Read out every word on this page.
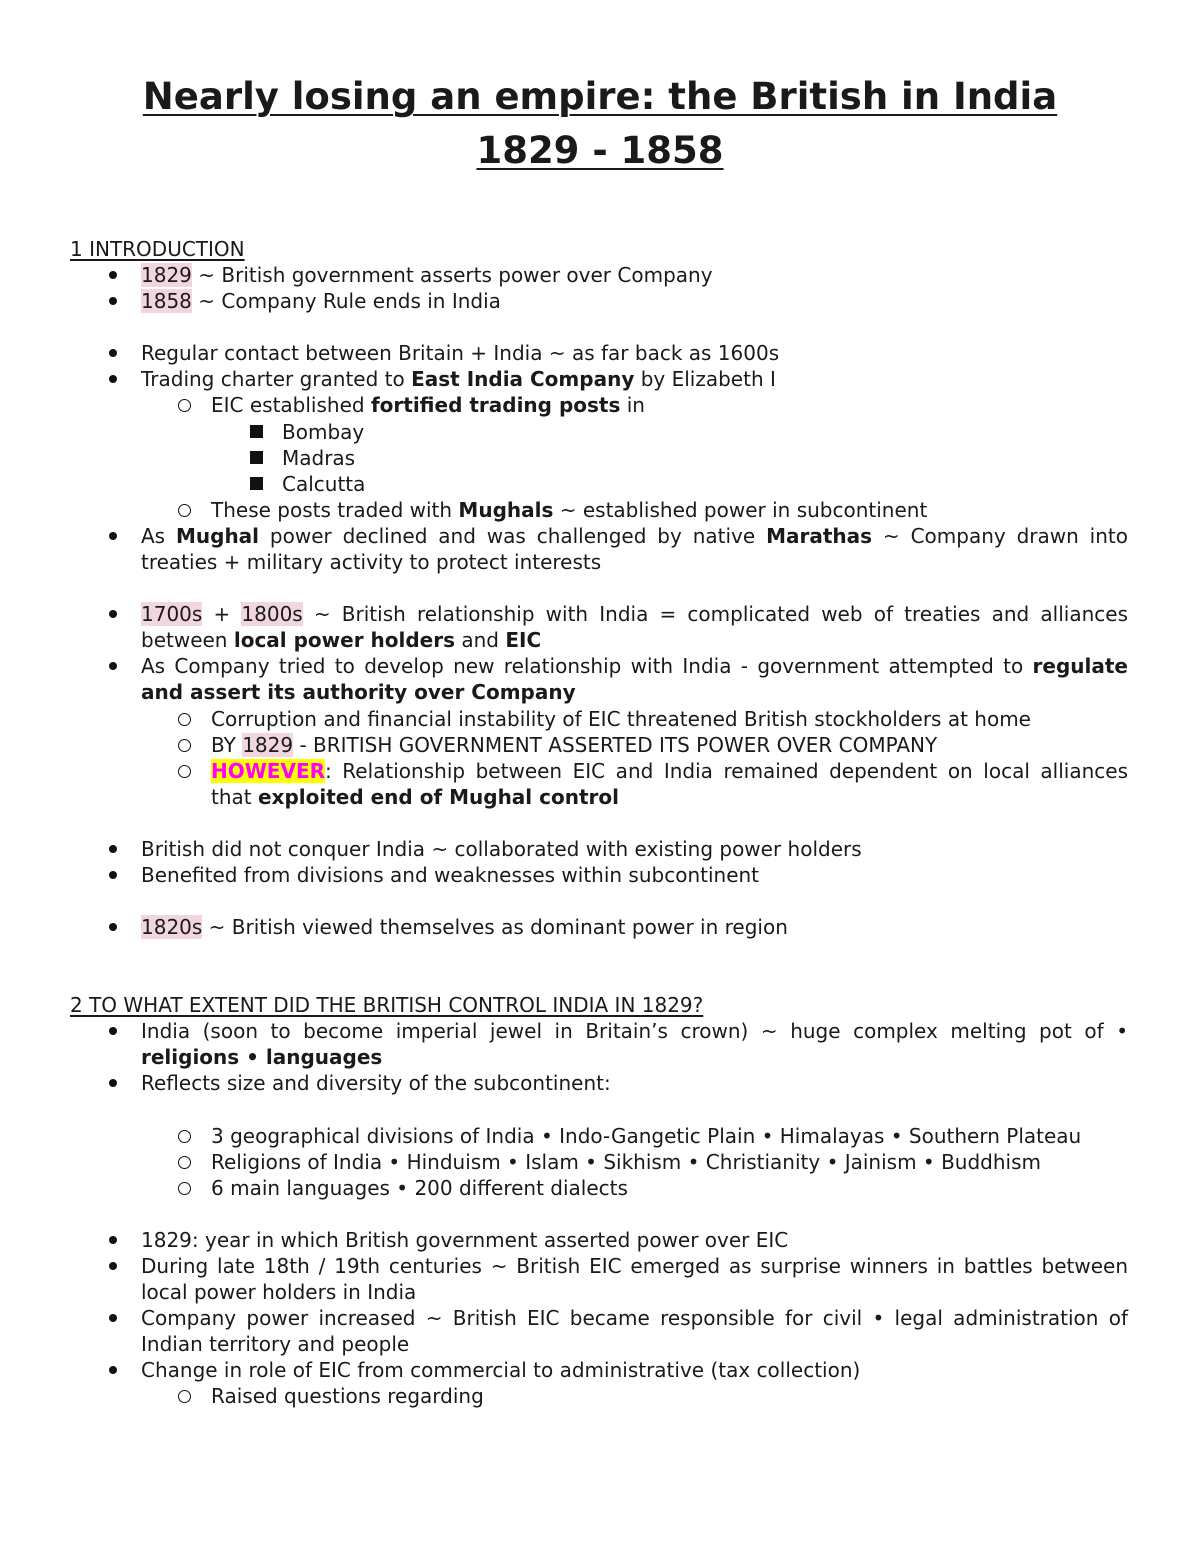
Nearly losing an empire: the British in India
1829 - 1858
1 INTRODUCTION
1829 ~ British government asserts power over Company
1858 ~ Company Rule ends in India
Regular contact between Britain + India ~ as far back as 1600s
Trading charter granted to East India Company by Elizabeth I
EIC established fortified trading posts in
Bombay
Madras
Calcutta
These posts traded with Mughals ~ established power in subcontinent
As Mughal power declined and was challenged by native Marathas ~ Company drawn into treaties + military activity to protect interests
1700s + 1800s ~ British relationship with India = complicated web of treaties and alliances between local power holders and EIC
As Company tried to develop new relationship with India - government attempted to regulate and assert its authority over Company
Corruption and financial instability of EIC threatened British stockholders at home
BY 1829 - BRITISH GOVERNMENT ASSERTED ITS POWER OVER COMPANY
HOWEVER: Relationship between EIC and India remained dependent on local alliances that exploited end of Mughal control
British did not conquer India ~ collaborated with existing power holders
Benefited from divisions and weaknesses within subcontinent
1820s ~ British viewed themselves as dominant power in region
2 TO WHAT EXTENT DID THE BRITISH CONTROL INDIA IN 1829?
India (soon to become imperial jewel in Britain’s crown) ~ huge complex melting pot of • religions • languages
Reflects size and diversity of the subcontinent:
3 geographical divisions of India • Indo-Gangetic Plain • Himalayas • Southern Plateau
Religions of India • Hinduism • Islam • Sikhism • Christianity • Jainism • Buddhism
6 main languages • 200 different dialects
1829: year in which British government asserted power over EIC
During late 18th / 19th centuries ~ British EIC emerged as surprise winners in battles between local power holders in India
Company power increased ~ British EIC became responsible for civil • legal administration of Indian territory and people
Change in role of EIC from commercial to administrative (tax collection)
Raised questions regarding
